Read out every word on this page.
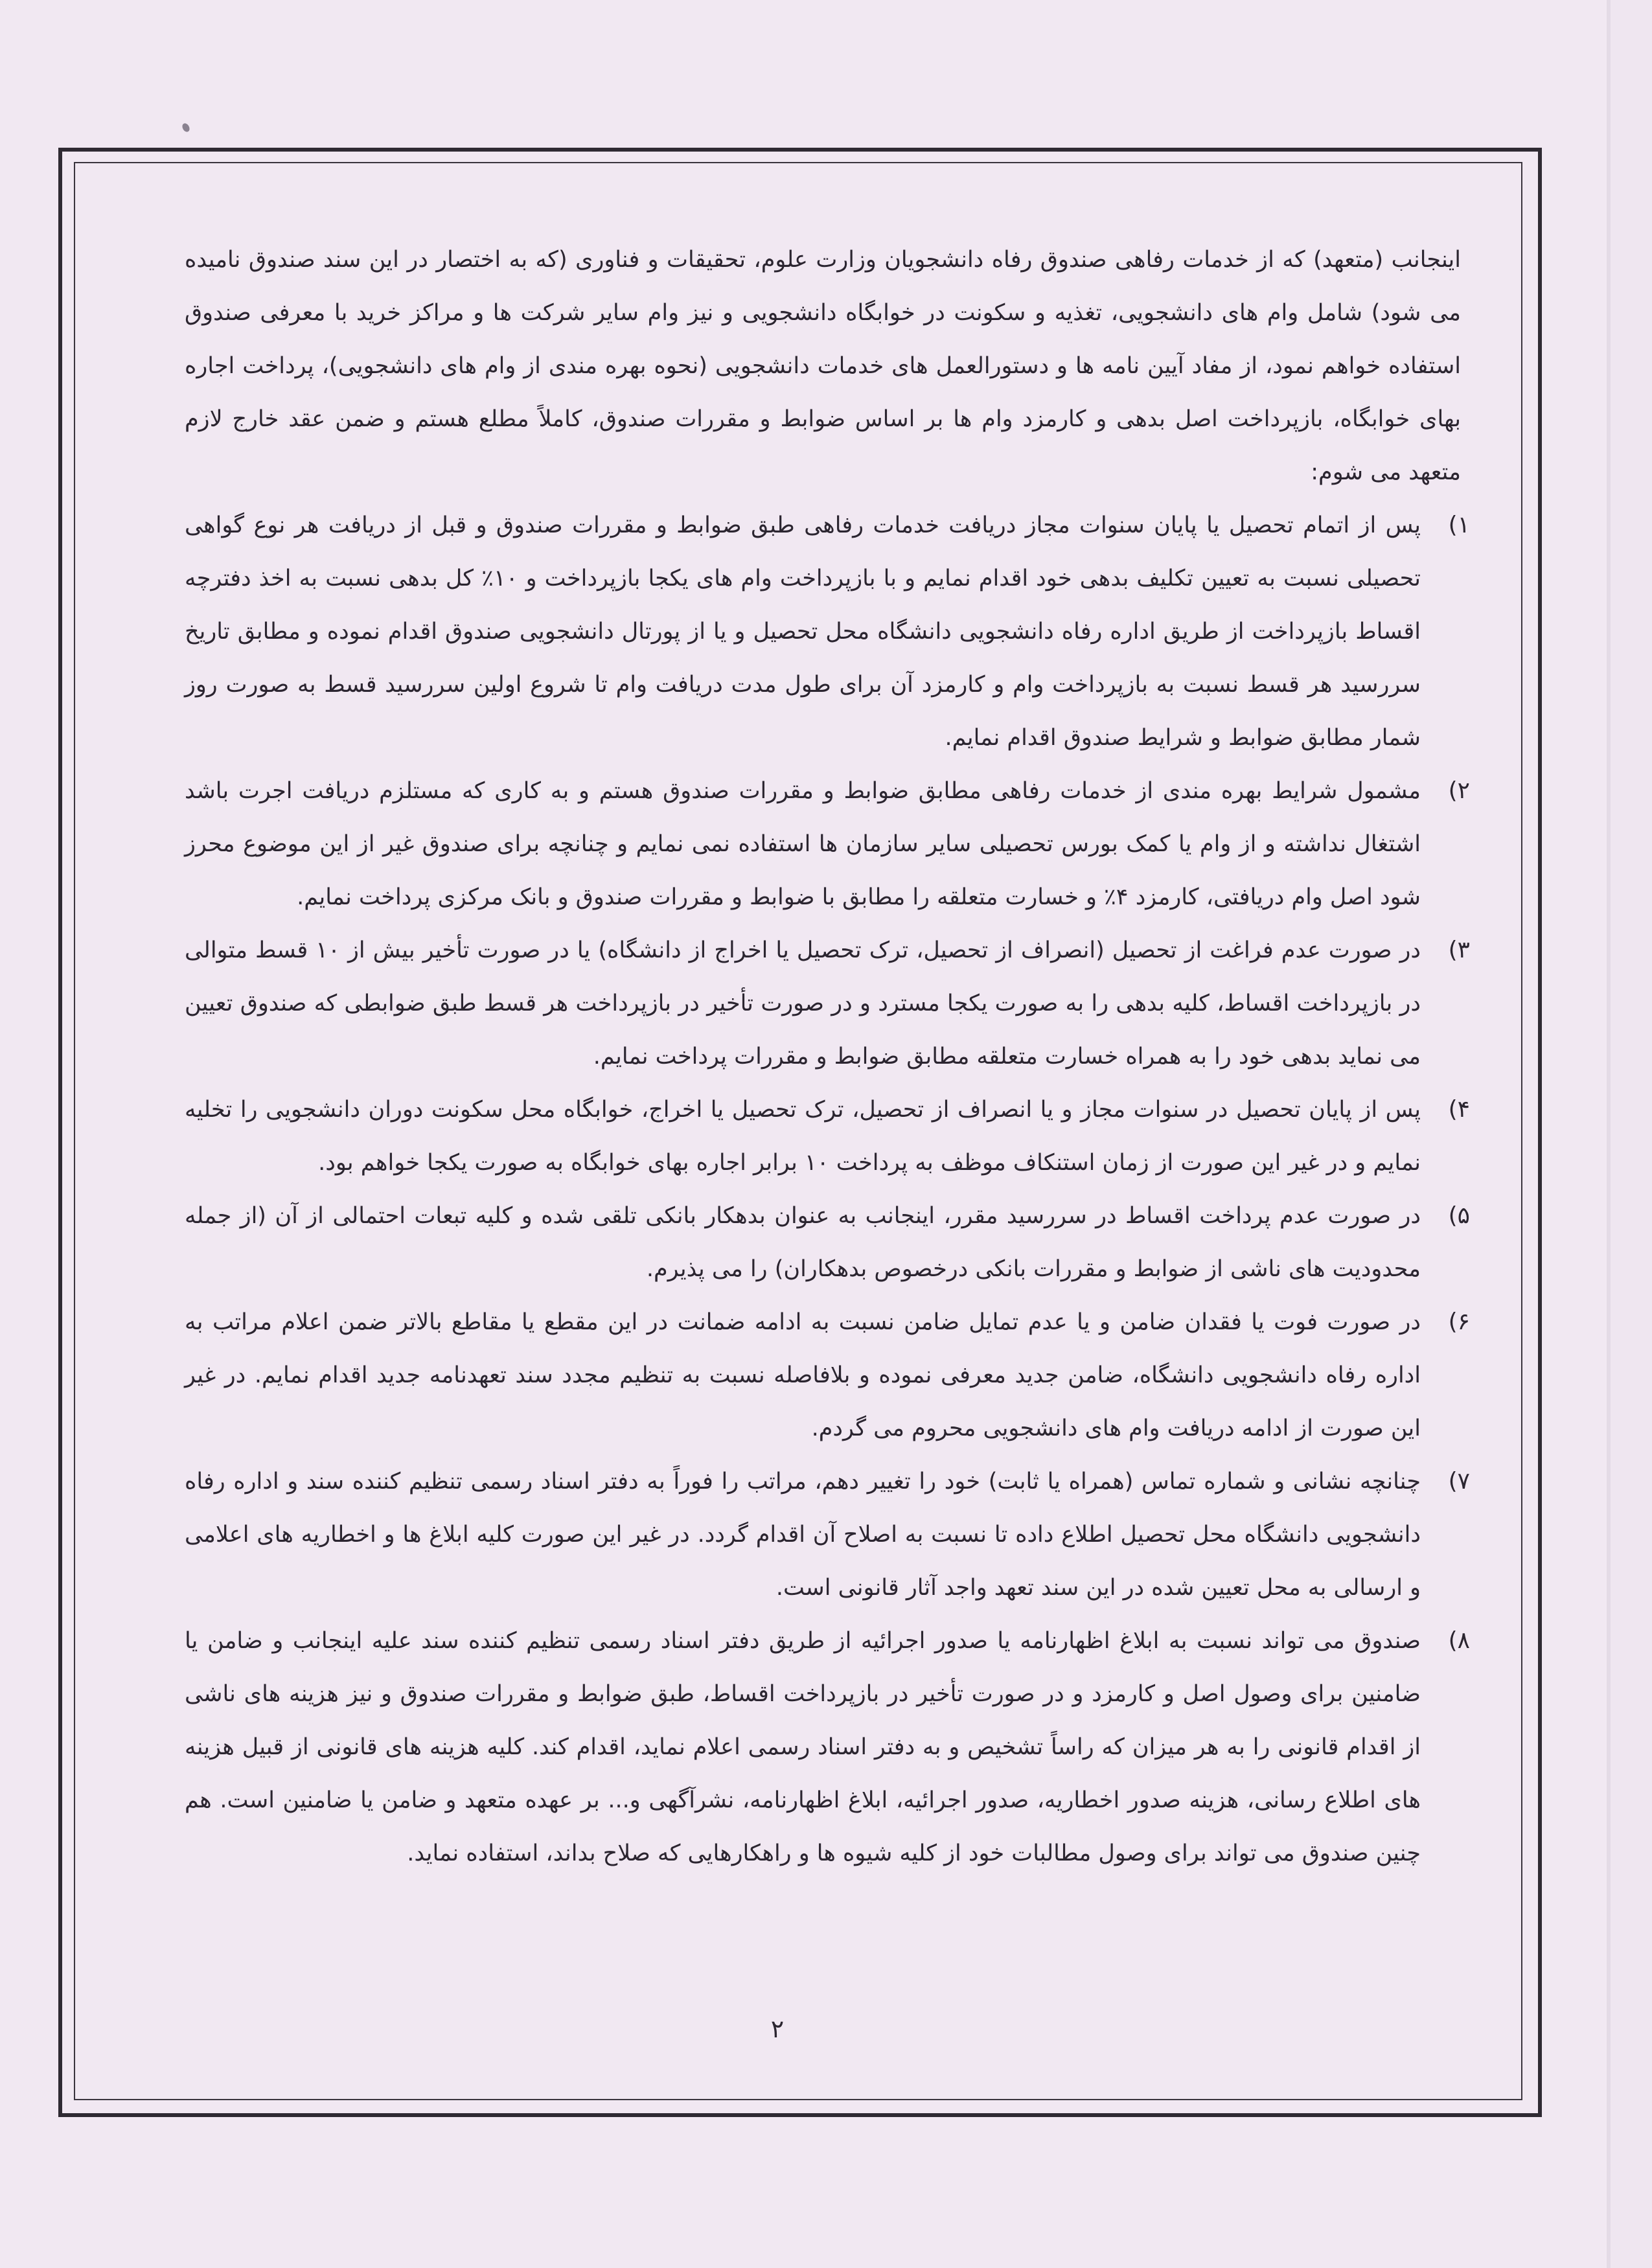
اینجانب (متعهد) که از خدمات رفاهی صندوق رفاه دانشجویان وزارت علوم، تحقیقات و فناوری (که به اختصار در این سند صندوق نامیده می شود) شامل وام های دانشجویی، تغذیه و سکونت در خوابگاه دانشجویی و نیز وام سایر شرکت ها و مراکز خرید با معرفی صندوق استفاده خواهم نمود، از مفاد آیین نامه ها و دستورالعمل های خدمات دانشجویی (نحوه بهره مندی از وام های دانشجویی)، پرداخت اجاره بهای خوابگاه، بازپرداخت اصل بدهی و کارمزد وام ها بر اساس ضوابط و مقررات صندوق، کاملاً مطلع هستم و ضمن عقد خارج لازم متعهد می شوم:

۱)
پس از اتمام تحصیل یا پایان سنوات مجاز دریافت خدمات رفاهی طبق ضوابط و مقررات صندوق و قبل از دریافت هر نوع گواهی تحصیلی نسبت به تعیین تکلیف بدهی خود اقدام نمایم و با بازپرداخت وام های یکجا بازپرداخت و ۱۰٪ کل بدهی نسبت به اخذ دفترچه اقساط بازپرداخت از طریق اداره رفاه دانشجویی دانشگاه محل تحصیل و یا از پورتال دانشجویی صندوق اقدام نموده و مطابق تاریخ سررسید هر قسط نسبت به بازپرداخت وام و کارمزد آن برای طول مدت دریافت وام تا شروع اولین سررسید قسط به صورت روز شمار مطابق ضوابط و شرایط صندوق اقدام نمایم.
۲)
مشمول شرایط بهره مندی از خدمات رفاهی مطابق ضوابط و مقررات صندوق هستم و به کاری که مستلزم دریافت اجرت باشد اشتغال نداشته و از وام یا کمک بورس تحصیلی سایر سازمان ها استفاده نمی نمایم و چنانچه برای صندوق غیر از این موضوع محرز شود اصل وام دریافتی، کارمزد ۴٪ و خسارت متعلقه را مطابق با ضوابط و مقررات صندوق و بانک مرکزی پرداخت نمایم.
۳)
در صورت عدم فراغت از تحصیل (انصراف از تحصیل، ترک تحصیل یا اخراج از دانشگاه) یا در صورت تأخیر بیش از ۱۰ قسط متوالی در بازپرداخت اقساط، کلیه بدهی را به صورت یکجا مسترد و در صورت تأخیر در بازپرداخت هر قسط طبق ضوابطی که صندوق تعیین می نماید بدهی خود را به همراه خسارت متعلقه مطابق ضوابط و مقررات پرداخت نمایم.
۴)
پس از پایان تحصیل در سنوات مجاز و یا انصراف از تحصیل، ترک تحصیل یا اخراج، خوابگاه محل سکونت دوران دانشجویی را تخلیه نمایم و در غیر این صورت از زمان استنکاف موظف به پرداخت ۱۰ برابر اجاره بهای خوابگاه به صورت یکجا خواهم بود.
۵)
در صورت عدم پرداخت اقساط در سررسید مقرر، اینجانب به عنوان بدهکار بانکی تلقی شده و کلیه تبعات احتمالی از آن (از جمله محدودیت های ناشی از ضوابط و مقررات بانکی درخصوص بدهکاران) را می پذیرم.
۶)
در صورت فوت یا فقدان ضامن و یا عدم تمایل ضامن نسبت به ادامه ضمانت در این مقطع یا مقاطع بالاتر ضمن اعلام مراتب به اداره رفاه دانشجویی دانشگاه، ضامن جدید معرفی نموده و بلافاصله نسبت به تنظیم مجدد سند تعهدنامه جدید اقدام نمایم. در غیر این صورت از ادامه دریافت وام های دانشجویی محروم می گردم.
۷)
چنانچه نشانی و شماره تماس (همراه یا ثابت) خود را تغییر دهم، مراتب را فوراً به دفتر اسناد رسمی تنظیم کننده سند و اداره رفاه دانشجویی دانشگاه محل تحصیل اطلاع داده تا نسبت به اصلاح آن اقدام گردد. در غیر این صورت کلیه ابلاغ ها و اخطاریه های اعلامی و ارسالی به محل تعیین شده در این سند تعهد واجد آثار قانونی است.
۸)
صندوق می تواند نسبت به ابلاغ اظهارنامه یا صدور اجرائیه از طریق دفتر اسناد رسمی تنظیم کننده سند علیه اینجانب و ضامن یا ضامنین برای وصول اصل و کارمزد و در صورت تأخیر در بازپرداخت اقساط، طبق ضوابط و مقررات صندوق و نیز هزینه های ناشی از اقدام قانونی را به هر میزان که راساً تشخیص و به دفتر اسناد رسمی اعلام نماید، اقدام کند. کلیه هزینه های قانونی از قبیل هزینه های اطلاع رسانی، هزینه صدور اخطاریه، صدور اجرائیه، ابلاغ اظهارنامه، نشرآگهی و... بر عهده متعهد و ضامن یا ضامنین است. هم چنین صندوق می تواند برای وصول مطالبات خود از کلیه شیوه ها و راهکارهایی که صلاح بداند، استفاده نماید.
۲
